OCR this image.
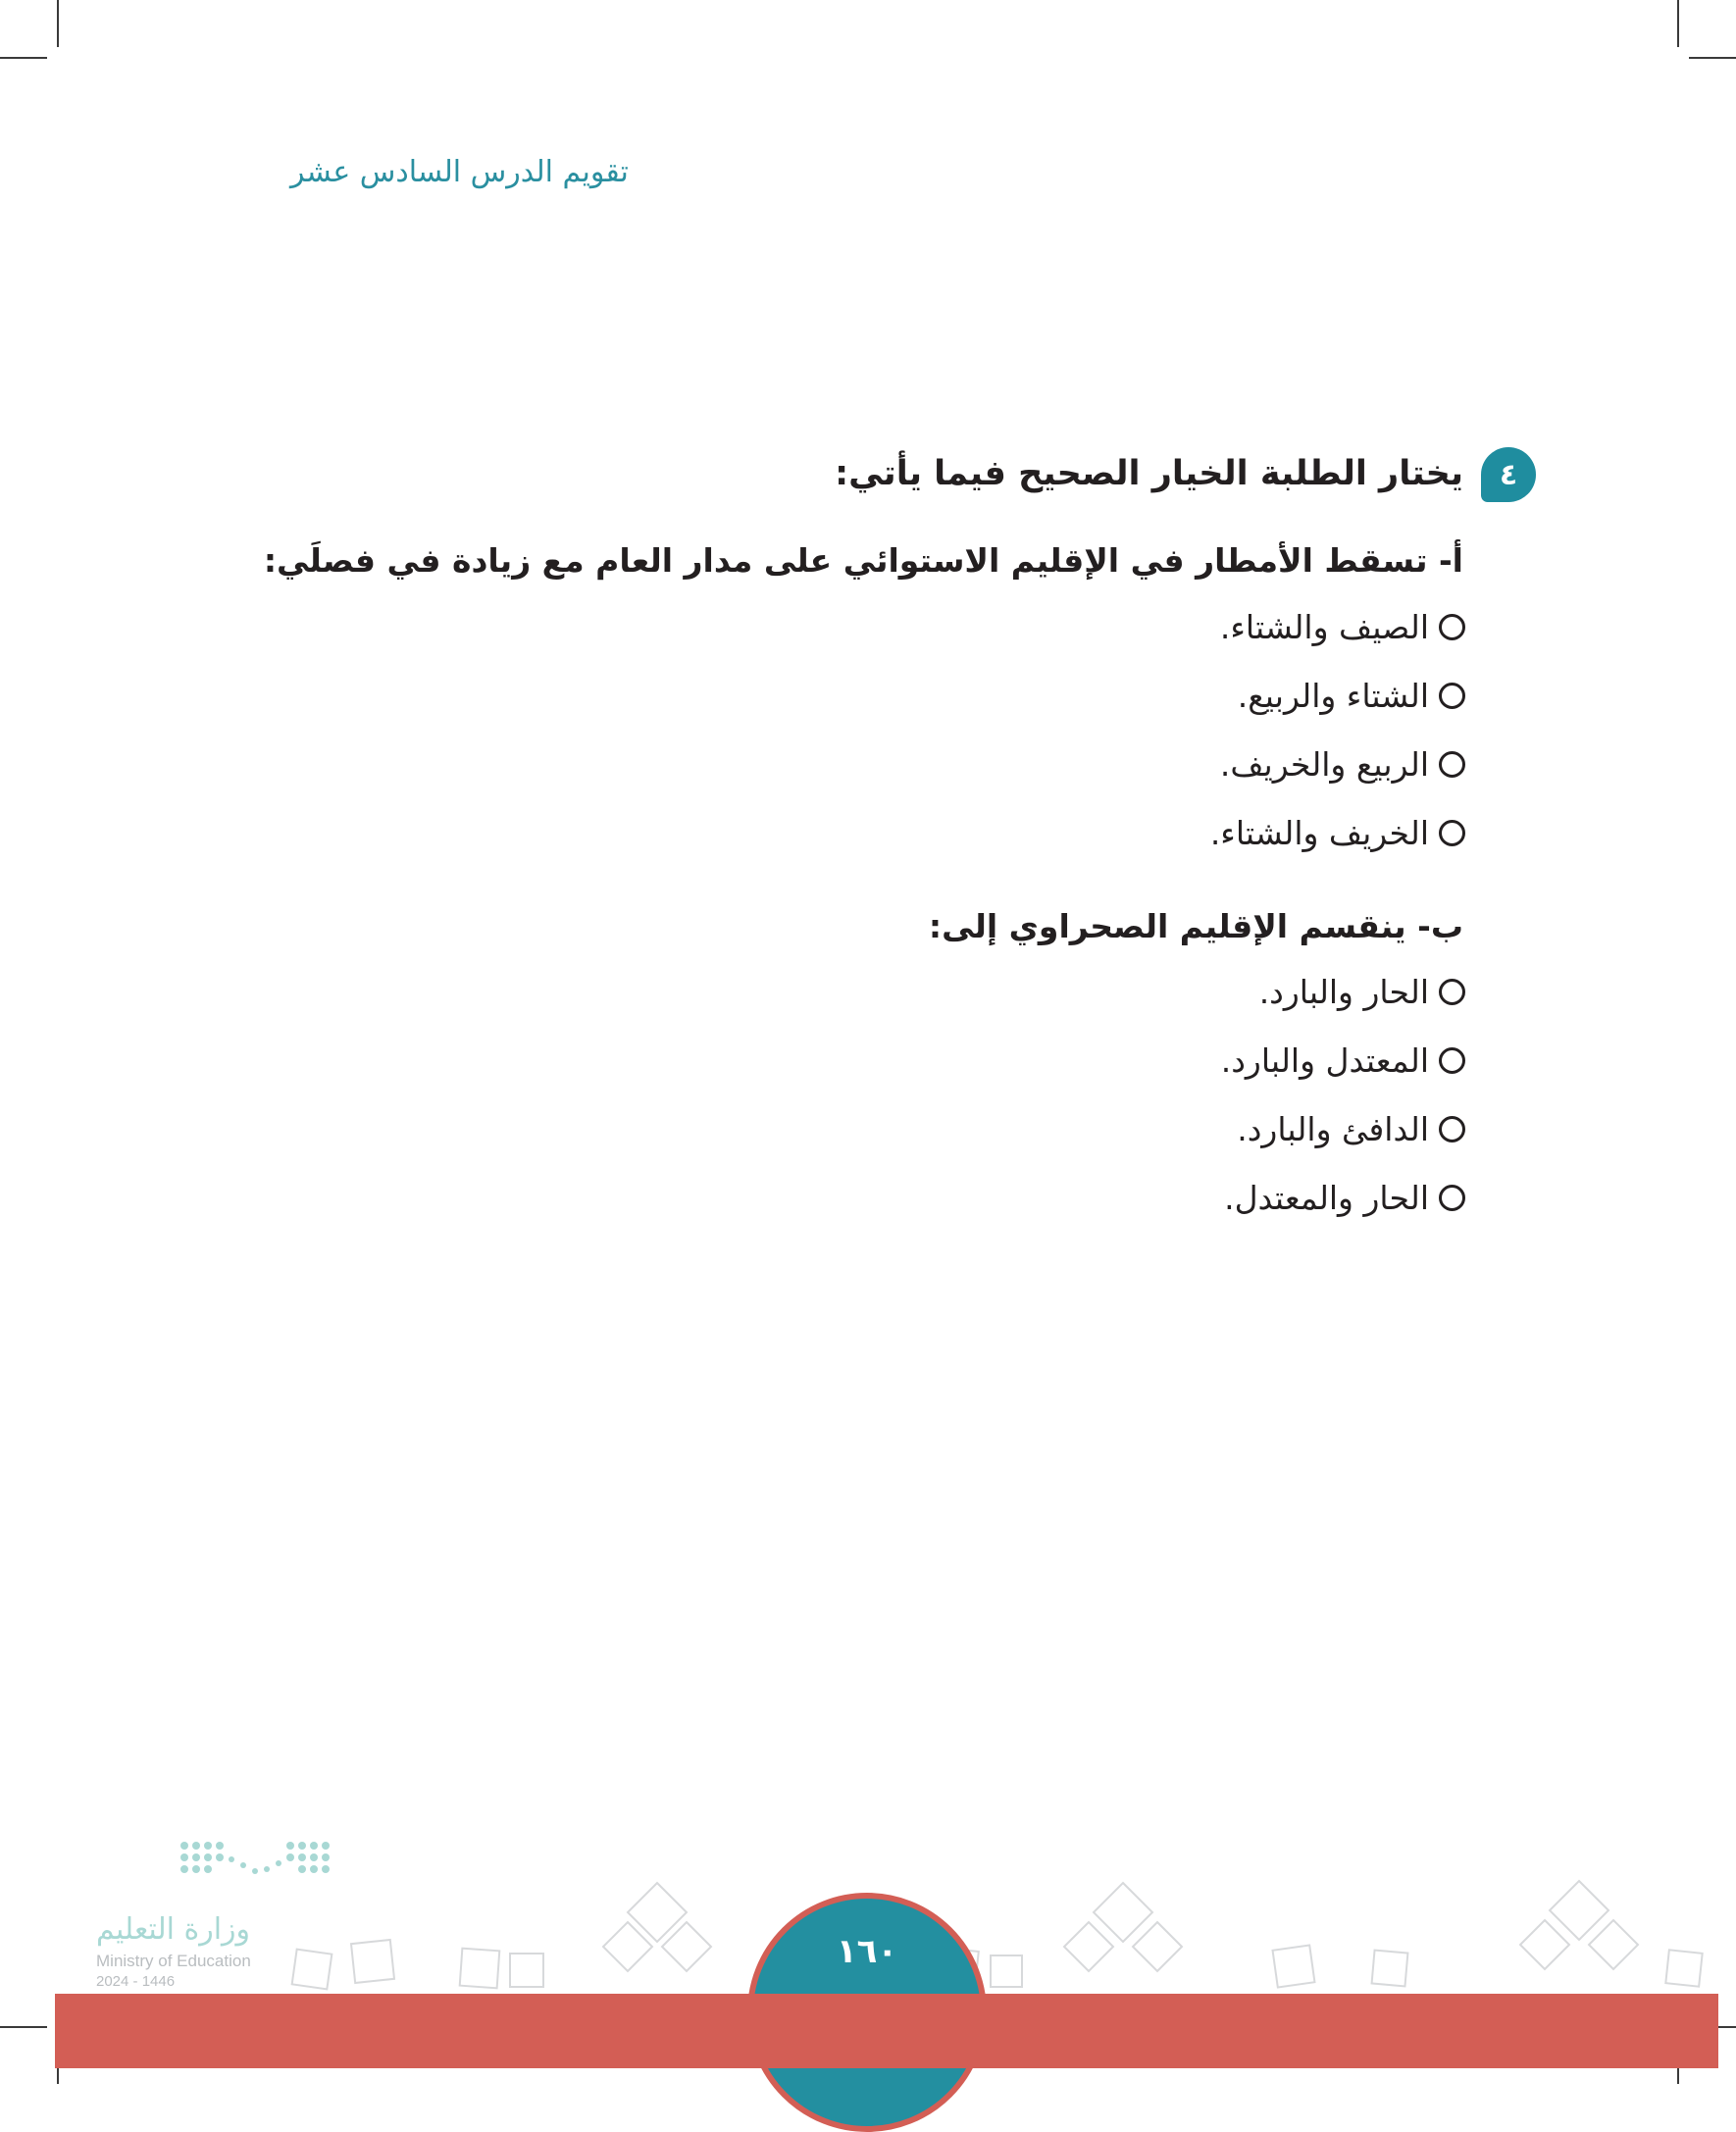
تقويم الدرس السادس عشر
٤
يختار الطلبة الخيار الصحيح فيما يأتي:
أ- تسقط الأمطار في الإقليم الاستوائي على مدار العام مع زيادة في فصلَي:
الصيف والشتاء.
الشتاء والربيع.
الربيع والخريف.
الخريف والشتاء.
ب- ينقسم الإقليم الصحراوي إلى:
الحار والبارد.
المعتدل والبارد.
الدافئ والبارد.
الحار والمعتدل.
١٦٠
وزارة التعليم
Ministry of Education
2024 - 1446
